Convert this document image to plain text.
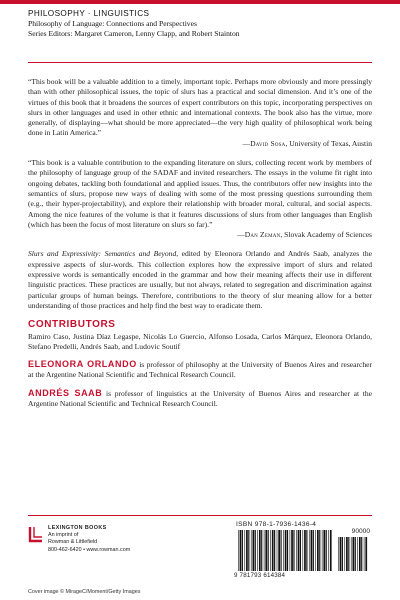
PHILOSOPHY · LINGUISTICS
Philosophy of Language: Connections and Perspectives
Series Editors: Margaret Cameron, Lenny Clapp, and Robert Stainton

“This book will be a valuable addition to a timely, important topic. Perhaps more obviously and more pressingly than with other philosophical issues, the topic of slurs has a practical and social dimension. And it’s one of the virtues of this book that it broadens the sources of expert contributors on this topic, incorporating perspectives on slurs in other languages and used in other ethnic and international contexts. The book also has the virtue, more generally, of displaying—what should be more appreciated—the very high quality of philosophical work being done in Latin America.”

—David Sosa, University of Texas, Austin

“This book is a valuable contribution to the expanding literature on slurs, collecting recent work by members of the philosophy of language group of the SADAF and invited researchers. The essays in the volume fit right into ongoing debates, tackling both foundational and applied issues. Thus, the contributors offer new insights into the semantics of slurs, propose new ways of dealing with some of the most pressing questions surrounding them (e.g., their hyper-projectability), and explore their relationship with broader moral, cultural, and social aspects. Among the nice features of the volume is that it features discussions of slurs from other languages than English (which has been the focus of most literature on slurs so far).”

—Dan Zeman, Slovak Academy of Sciences

Slurs and Expressivity: Semantics and Beyond, edited by Eleonora Orlando and Andrés Saab, analyzes the expressive aspects of slur-words. This collection explores how the expressive import of slurs and related expressive words is semantically encoded in the grammar and how their meaning affects their use in different linguistic practices. These practices are usually, but not always, related to segregation and discrimination against particular groups of human beings. Therefore, contributions to the theory of slur meaning allow for a better understanding of those practices and help find the best way to eradicate them.

CONTRIBUTORS
Ramiro Caso, Justina Díaz Legaspe, Nicolás Lo Guercio, Alfonso Losada, Carlos Márquez, Eleonora Orlando, Stefano Predelli, Andrés Saab, and Ludovic Soutif

ELEONORA ORLANDO is professor of philosophy at the University of Buenos Aires and researcher at the Argentine National Scientific and Technical Research Council.

ANDRÉS SAAB is professor of linguistics at the University of Buenos Aires and researcher at the Argentine National Scientific and Technical Research Council.

LEXINGTON BOOKS
An imprint of
Rowman & Littlefield
800-462-6420 • www.rowman.com
ISBN 978-1-7936-1436-4
90000
9 781793 614384
Cover image © MirageC/Moment/Getty Images
